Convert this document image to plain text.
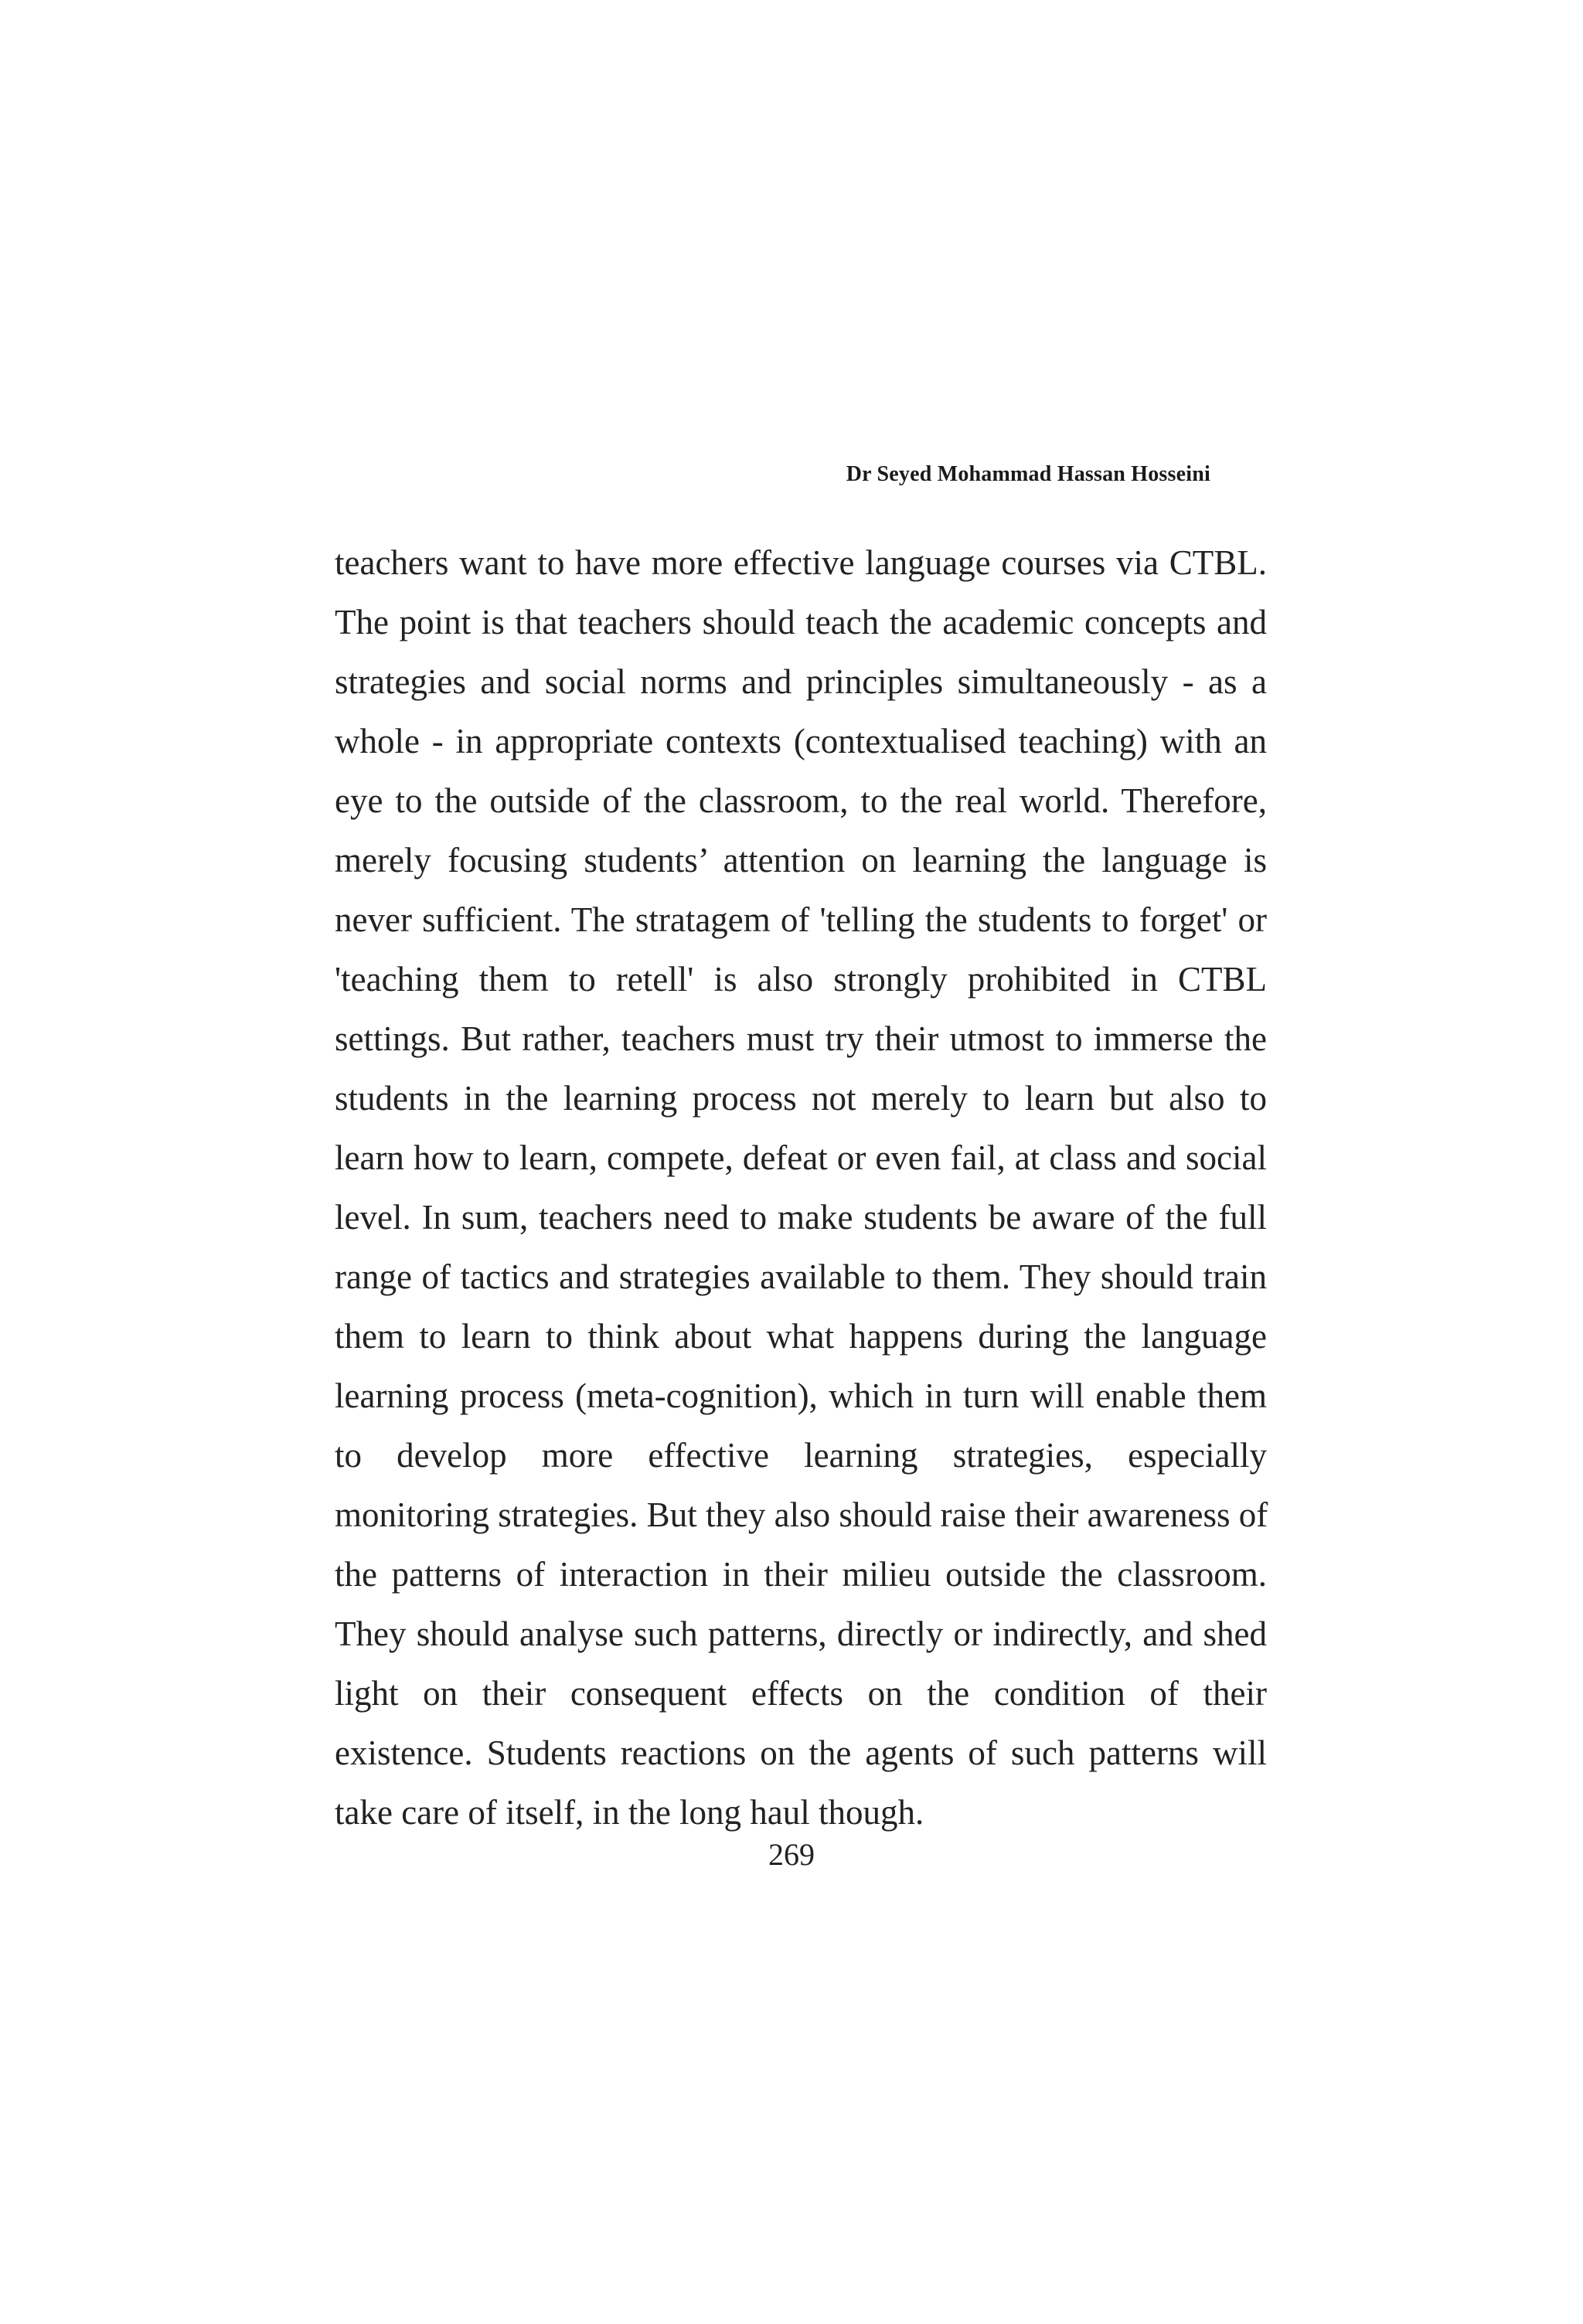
Dr Seyed Mohammad Hassan Hosseini
teachers want to have more effective language courses via CTBL.
The point is that teachers should teach the academic concepts and
strategies and social norms and principles simultaneously - as a
whole - in appropriate contexts (contextualised teaching) with an
eye to the outside of the classroom, to the real world. Therefore,
merely focusing students’ attention on learning the language is
never sufficient. The stratagem of 'telling the students to forget' or
'teaching them to retell' is also strongly prohibited in CTBL
settings. But rather, teachers must try their utmost to immerse the
students in the learning process not merely to learn but also to
learn how to learn, compete, defeat or even fail, at class and social
level. In sum, teachers need to make students be aware of the full
range of tactics and strategies available to them. They should train
them to learn to think about what happens during the language
learning process (meta-cognition), which in turn will enable them
to develop more effective learning strategies, especially
monitoring strategies. But they also should raise their awareness of
the patterns of interaction in their milieu outside the classroom.
They should analyse such patterns, directly or indirectly, and shed
light on their consequent effects on the condition of their
existence. Students reactions on the agents of such patterns will
take care of itself, in the long haul though.
269
